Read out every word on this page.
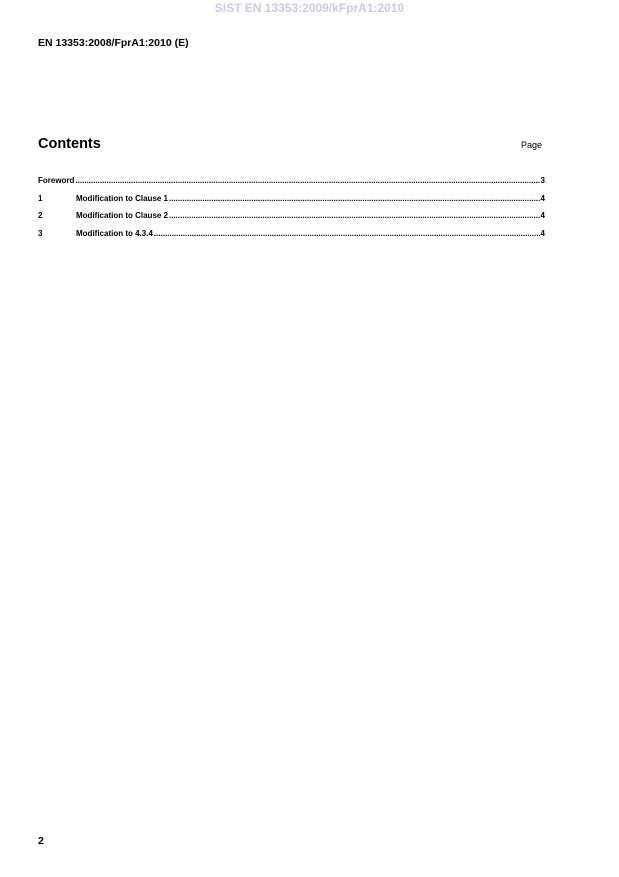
SIST EN 13353:2009/kFprA1:2010
EN 13353:2008/FprA1:2010 (E)
Contents	Page
Foreword .....	3
1	Modification to Clause 1 .....	4
2	Modification to Clause 2 .....	4
3	Modification to 4.3.4 .....	4
2
